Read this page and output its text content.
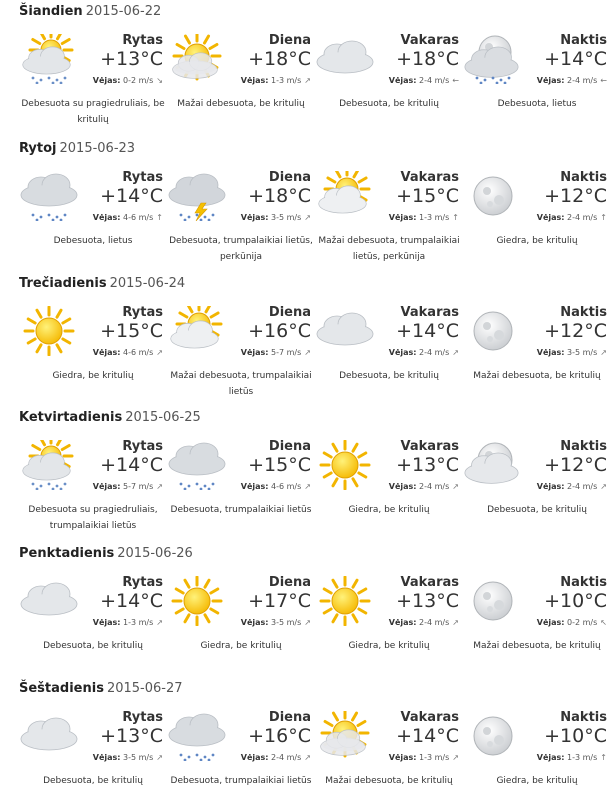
Šiandien 2015-06-22
Rytas
+13°C
Vėjas: 0-2 m/s ↘
Debesuota su pragiedruliais, be kritulių
Diena
+18°C
Vėjas: 1-3 m/s ↗
Mažai debesuota, be kritulių
Vakaras
+18°C
Vėjas: 2-4 m/s ←
Debesuota, be kritulių
Naktis
+14°C
Vėjas: 2-4 m/s ←
Debesuota, lietus
Rytoj 2015-06-23
Rytas
+14°C
Vėjas: 4-6 m/s ↑
Debesuota, lietus
Diena
+18°C
Vėjas: 3-5 m/s ↗
Debesuota, trumpalaikiai lietūs, perkūnija
Vakaras
+15°C
Vėjas: 1-3 m/s ↑
Mažai debesuota, trumpalaikiai lietūs, perkūnija
Naktis
+12°C
Vėjas: 2-4 m/s ↑
Giedra, be kritulių
Trečiadienis 2015-06-24
Rytas
+15°C
Vėjas: 4-6 m/s ↗
Giedra, be kritulių
Diena
+16°C
Vėjas: 5-7 m/s ↗
Mažai debesuota, trumpalaikiai lietūs
Vakaras
+14°C
Vėjas: 2-4 m/s ↗
Debesuota, be kritulių
Naktis
+12°C
Vėjas: 3-5 m/s ↗
Mažai debesuota, be kritulių
Ketvirtadienis 2015-06-25
Rytas
+14°C
Vėjas: 5-7 m/s ↗
Debesuota su pragiedruliais, trumpalaikiai lietūs
Diena
+15°C
Vėjas: 4-6 m/s ↗
Debesuota, trumpalaikiai lietūs
Vakaras
+13°C
Vėjas: 2-4 m/s ↗
Giedra, be kritulių
Naktis
+12°C
Vėjas: 2-4 m/s ↗
Debesuota, be kritulių
Penktadienis 2015-06-26
Rytas
+14°C
Vėjas: 1-3 m/s ↗
Debesuota, be kritulių
Diena
+17°C
Vėjas: 3-5 m/s ↗
Giedra, be kritulių
Vakaras
+13°C
Vėjas: 2-4 m/s ↗
Giedra, be kritulių
Naktis
+10°C
Vėjas: 0-2 m/s ↖
Mažai debesuota, be kritulių
Šeštadienis 2015-06-27
Rytas
+13°C
Vėjas: 3-5 m/s ↗
Debesuota, be kritulių
Diena
+16°C
Vėjas: 2-4 m/s ↗
Debesuota, trumpalaikiai lietūs
Vakaras
+14°C
Vėjas: 1-3 m/s ↗
Mažai debesuota, be kritulių
Naktis
+10°C
Vėjas: 1-3 m/s ↑
Giedra, be kritulių
